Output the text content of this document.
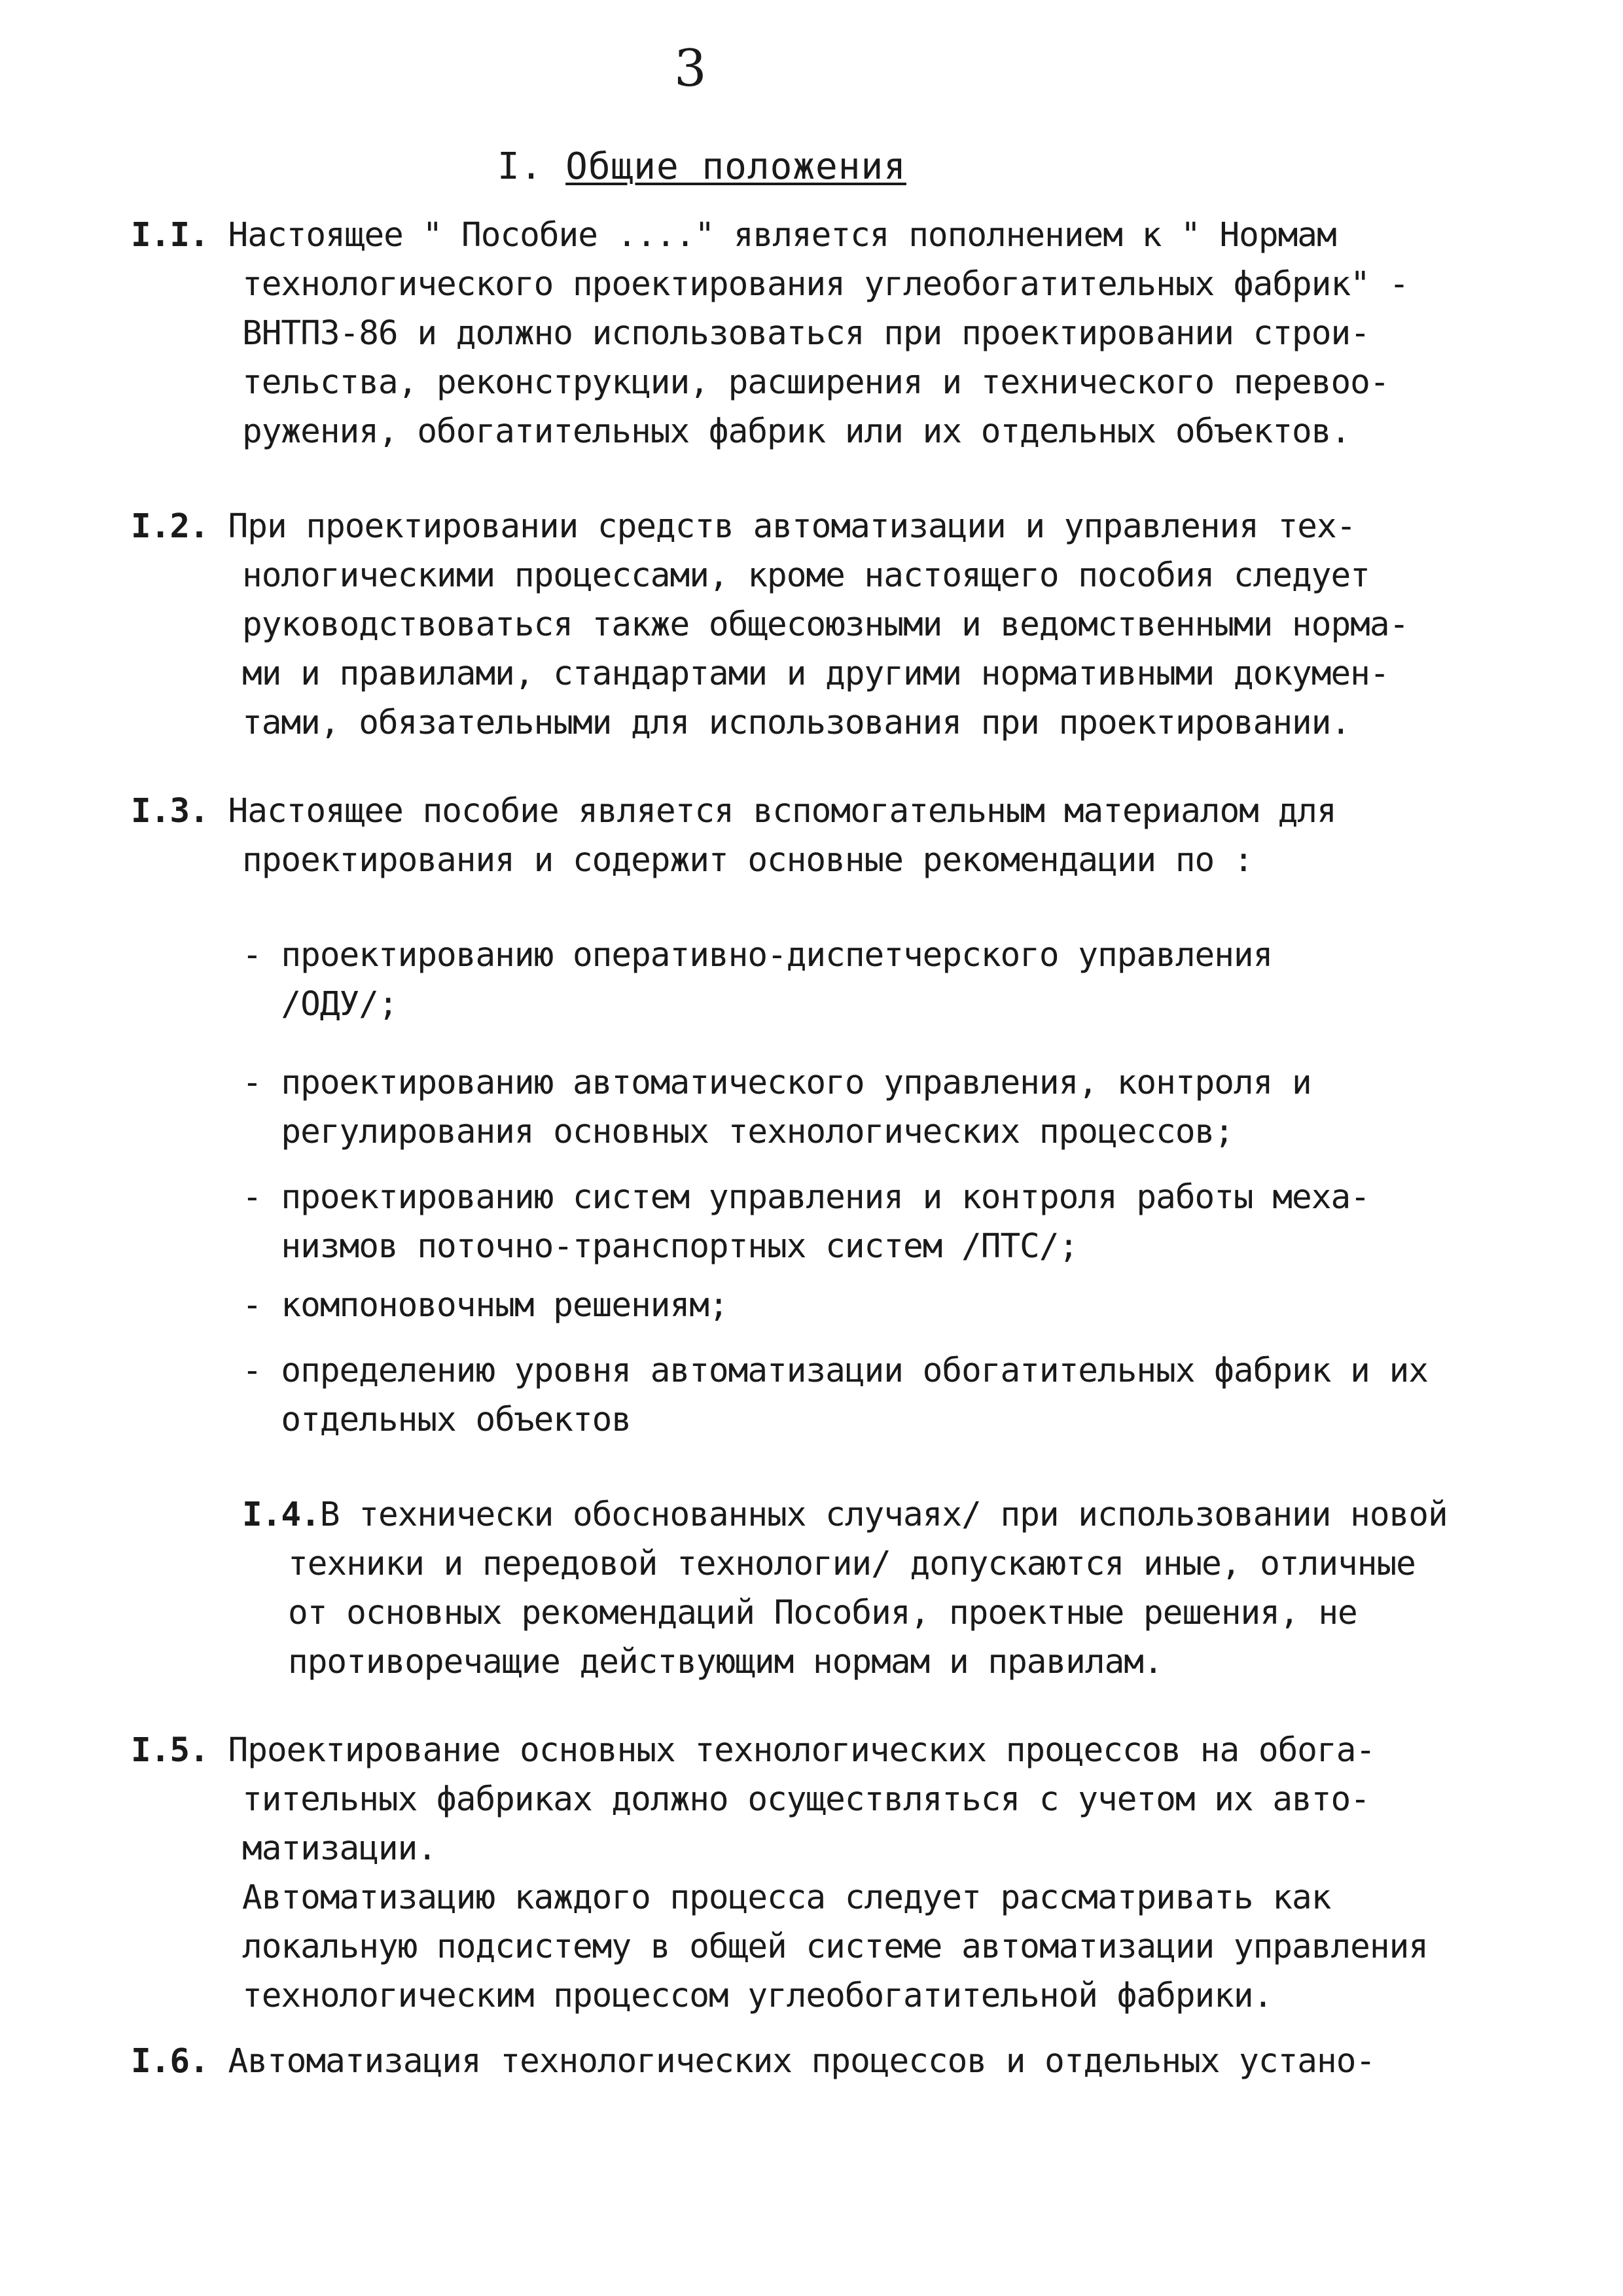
3
I. Общие положения
I.I. Настоящее " Пособие ...." является пополнением к " Нормам
технологического проектирования углеобогатительных фабрик" -
ВНТП3-86 и должно использоваться при проектировании строи-
тельства, реконструкции, расширения и технического перевоо-
ружения, обогатительных фабрик или их отдельных объектов.
I.2. При проектировании средств автоматизации и управления тех-
нологическими процессами, кроме настоящего пособия следует
руководствоваться также общесоюзными и ведомственными норма-
ми и правилами, стандартами и другими нормативными докумен-
тами, обязательными для использования при проектировании.
I.3. Настоящее пособие является вспомогательным материалом для
проектирования и содержит основные рекомендации по :
- проектированию оперативно-диспетчерского управления
/ОДУ/;
- проектированию автоматического управления, контроля и
регулирования основных технологических процессов;
- проектированию систем управления и контроля работы меха-
низмов поточно-транспортных систем /ПТС/;
- компоновочным решениям;
- определению уровня автоматизации обогатительных фабрик и их
отдельных объектов
I.4.В технически обоснованных случаях/ при использовании новой
техники и передовой технологии/ допускаются иные, отличные
от основных рекомендаций Пособия, проектные решения, не
противоречащие действующим нормам и правилам.
I.5. Проектирование основных технологических процессов на обога-
тительных фабриках должно осуществляться с учетом их авто-
матизации.
Автоматизацию каждого процесса следует рассматривать как
локальную подсистему в общей системе автоматизации управления
технологическим процессом углеобогатительной фабрики.
I.6. Автоматизация технологических процессов и отдельных устано-
